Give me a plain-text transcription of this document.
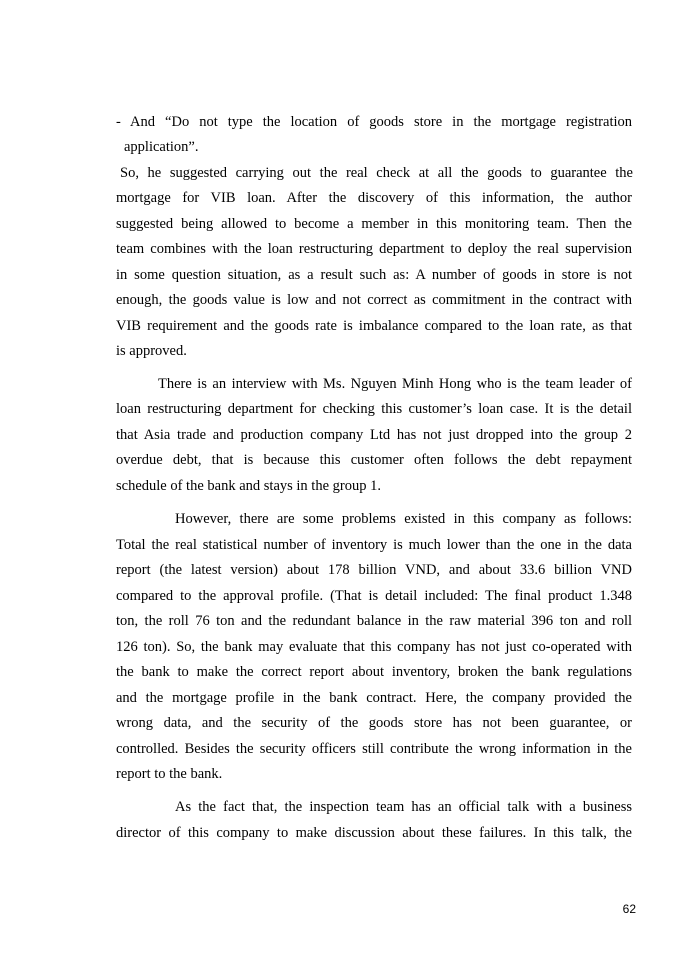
- And “Do not type the location of goods store in the mortgage registration
application”.
So, he suggested carrying out the real check at all the goods to guarantee the
mortgage for VIB loan. After the discovery of this information, the author
suggested being allowed to become a member in this monitoring team. Then the
team combines with the loan restructuring department to deploy the real supervision
in some question situation, as a result such as: A number of goods in store is not
enough, the goods value is low and not correct as commitment in the contract with
VIB requirement and the goods rate is imbalance compared to the loan rate, as that
is approved.
There is an interview with Ms. Nguyen Minh Hong who is the team leader of
loan restructuring department for checking this customer’s loan case. It is the detail
that Asia trade and production company Ltd has not just dropped into the group 2
overdue debt, that is because this customer often follows the debt repayment
schedule of the bank and stays in the group 1.
However, there are some problems existed in this company as follows:
Total the real statistical number of inventory is much lower than the one in the data
report (the latest version) about 178 billion VND, and about 33.6 billion VND
compared to the approval profile. (That is detail included: The final product 1.348
ton, the roll 76 ton and the redundant balance in the raw material 396 ton and roll
126 ton). So, the bank may evaluate that this company has not just co-operated with
the bank to make the correct report about inventory, broken the bank regulations
and the mortgage profile in the bank contract. Here, the company provided the
wrong data, and the security of the goods store has not been guarantee, or
controlled. Besides the security officers still contribute the wrong information in the
report to the bank.
As the fact that, the inspection team has an official talk with a business
director of this company to make discussion about these failures. In this talk, the
62
